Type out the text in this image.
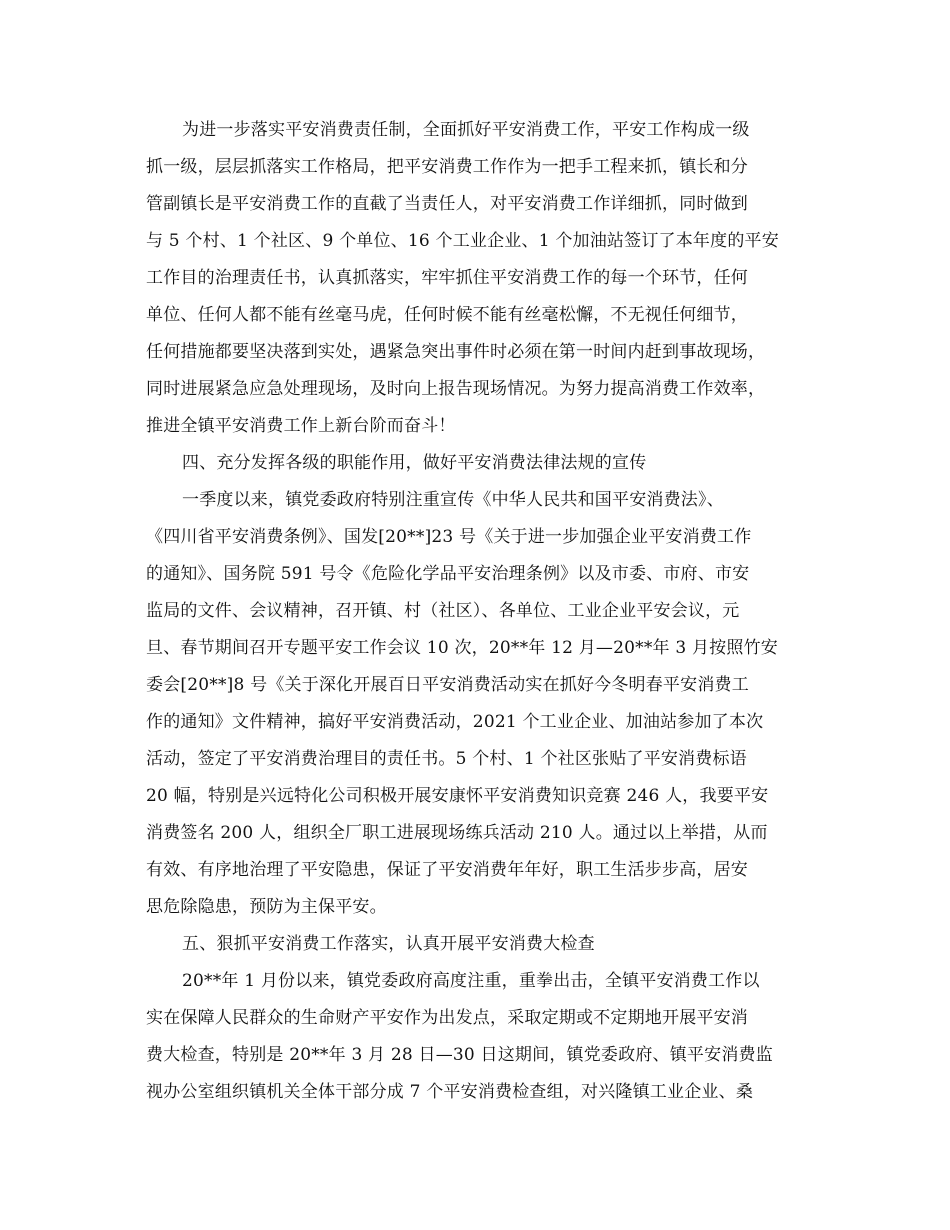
为进一步落实平安消费责任制，全面抓好平安消费工作，平安工作构成一级
抓一级，层层抓落实工作格局，把平安消费工作作为一把手工程来抓，镇长和分
管副镇长是平安消费工作的直截了当责任人，对平安消费工作详细抓，同时做到
与 5 个村、1 个社区、9 个单位、16 个工业企业、1 个加油站签订了本年度的平安
工作目的治理责任书，认真抓落实，牢牢抓住平安消费工作的每一个环节，任何
单位、任何人都不能有丝毫马虎，任何时候不能有丝毫松懈，不无视任何细节，
任何措施都要坚决落到实处，遇紧急突出事件时必须在第一时间内赶到事故现场，
同时进展紧急应急处理现场，及时向上报告现场情况。为努力提高消费工作效率，
推进全镇平安消费工作上新台阶而奋斗！
四、充分发挥各级的职能作用，做好平安消费法律法规的宣传
一季度以来，镇党委政府特别注重宣传《中华人民共和国平安消费法》、
《四川省平安消费条例》、国发[20**]23 号《关于进一步加强企业平安消费工作
的通知》、国务院 591 号令《危险化学品平安治理条例》以及市委、市府、市安
监局的文件、会议精神，召开镇、村（社区）、各单位、工业企业平安会议，元
旦、春节期间召开专题平安工作会议 10 次，20**年 12 月—20**年 3 月按照竹安
委会[20**]8 号《关于深化开展百日平安消费活动实在抓好今冬明春平安消费工
作的通知》文件精神，搞好平安消费活动，2021 个工业企业、加油站参加了本次
活动，签定了平安消费治理目的责任书。5 个村、1 个社区张贴了平安消费标语
20 幅，特别是兴远特化公司积极开展安康怀平安消费知识竞赛 246 人，我要平安
消费签名 200 人，组织全厂职工进展现场练兵活动 210 人。通过以上举措，从而
有效、有序地治理了平安隐患，保证了平安消费年年好，职工生活步步高，居安
思危除隐患，预防为主保平安。
五、狠抓平安消费工作落实，认真开展平安消费大检查
20**年 1 月份以来，镇党委政府高度注重，重拳出击，全镇平安消费工作以
实在保障人民群众的生命财产平安作为出发点，采取定期或不定期地开展平安消
费大检查，特别是 20**年 3 月 28 日—30 日这期间，镇党委政府、镇平安消费监
视办公室组织镇机关全体干部分成 7 个平安消费检查组，对兴隆镇工业企业、桑
